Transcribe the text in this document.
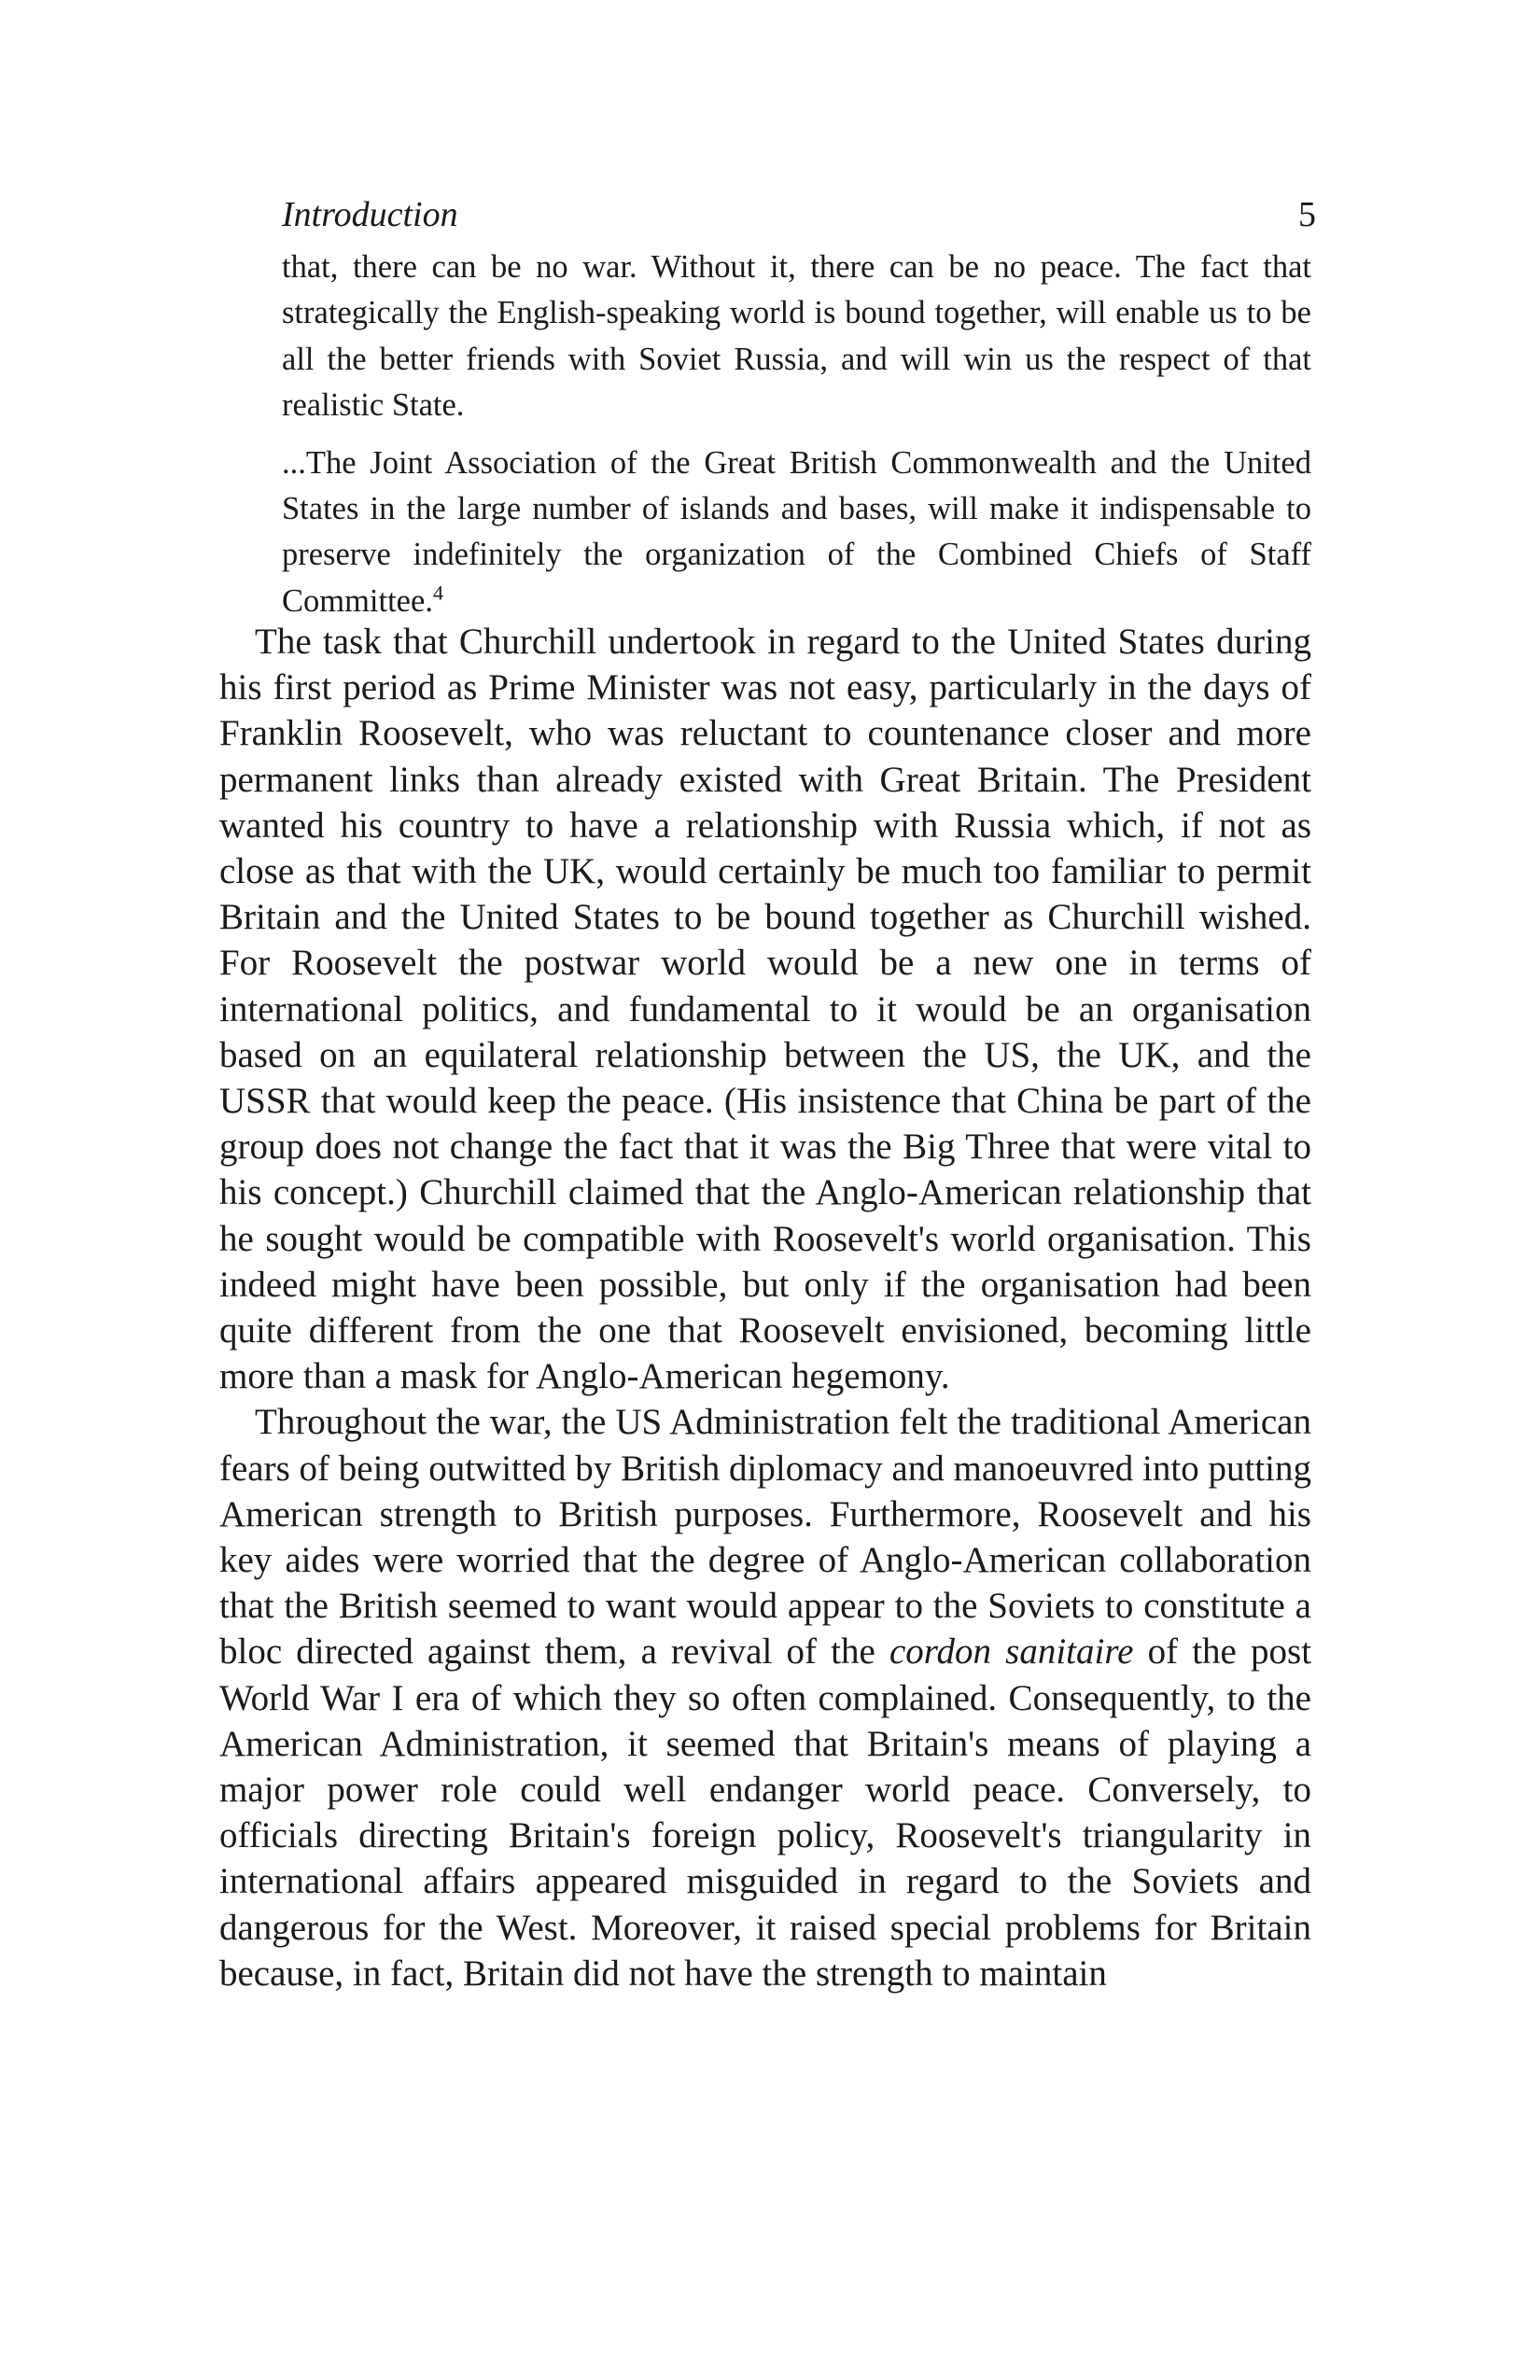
Introduction	5

that, there can be no war. Without it, there can be no peace. The fact that strategically the English-speaking world is bound together, will enable us to be all the better friends with Soviet Russia, and will win us the respect of that realistic State.

...The Joint Association of the Great British Commonwealth and the United States in the large number of islands and bases, will make it indispensable to preserve indefinitely the organization of the Combined Chiefs of Staff Committee.$^4$

The task that Churchill undertook in regard to the United States during his first period as Prime Minister was not easy, particularly in the days of Franklin Roosevelt, who was reluctant to countenance closer and more permanent links than already existed with Great Britain. The President wanted his country to have a relationship with Russia which, if not as close as that with the UK, would certainly be much too familiar to permit Britain and the United States to be bound together as Churchill wished. For Roosevelt the postwar world would be a new one in terms of international politics, and fundamental to it would be an organisation based on an equilateral relationship between the US, the UK, and the USSR that would keep the peace. (His insistence that China be part of the group does not change the fact that it was the Big Three that were vital to his concept.) Churchill claimed that the Anglo-American relationship that he sought would be compatible with Roosevelt's world organisation. This indeed might have been possible, but only if the organisation had been quite different from the one that Roosevelt envisioned, becoming little more than a mask for Anglo-American hegemony.

Throughout the war, the US Administration felt the traditional American fears of being outwitted by British diplomacy and manoeuvred into putting American strength to British purposes. Furthermore, Roosevelt and his key aides were worried that the degree of Anglo-American collaboration that the British seemed to want would appear to the Soviets to constitute a bloc directed against them, a revival of the cordon sanitaire of the post World War I era of which they so often complained. Consequently, to the American Administration, it seemed that Britain's means of playing a major power role could well endanger world peace. Conversely, to officials directing Britain's foreign policy, Roosevelt's triangularity in international affairs appeared misguided in regard to the Soviets and dangerous for the West. Moreover, it raised special problems for Britain because, in fact, Britain did not have the strength to maintain
